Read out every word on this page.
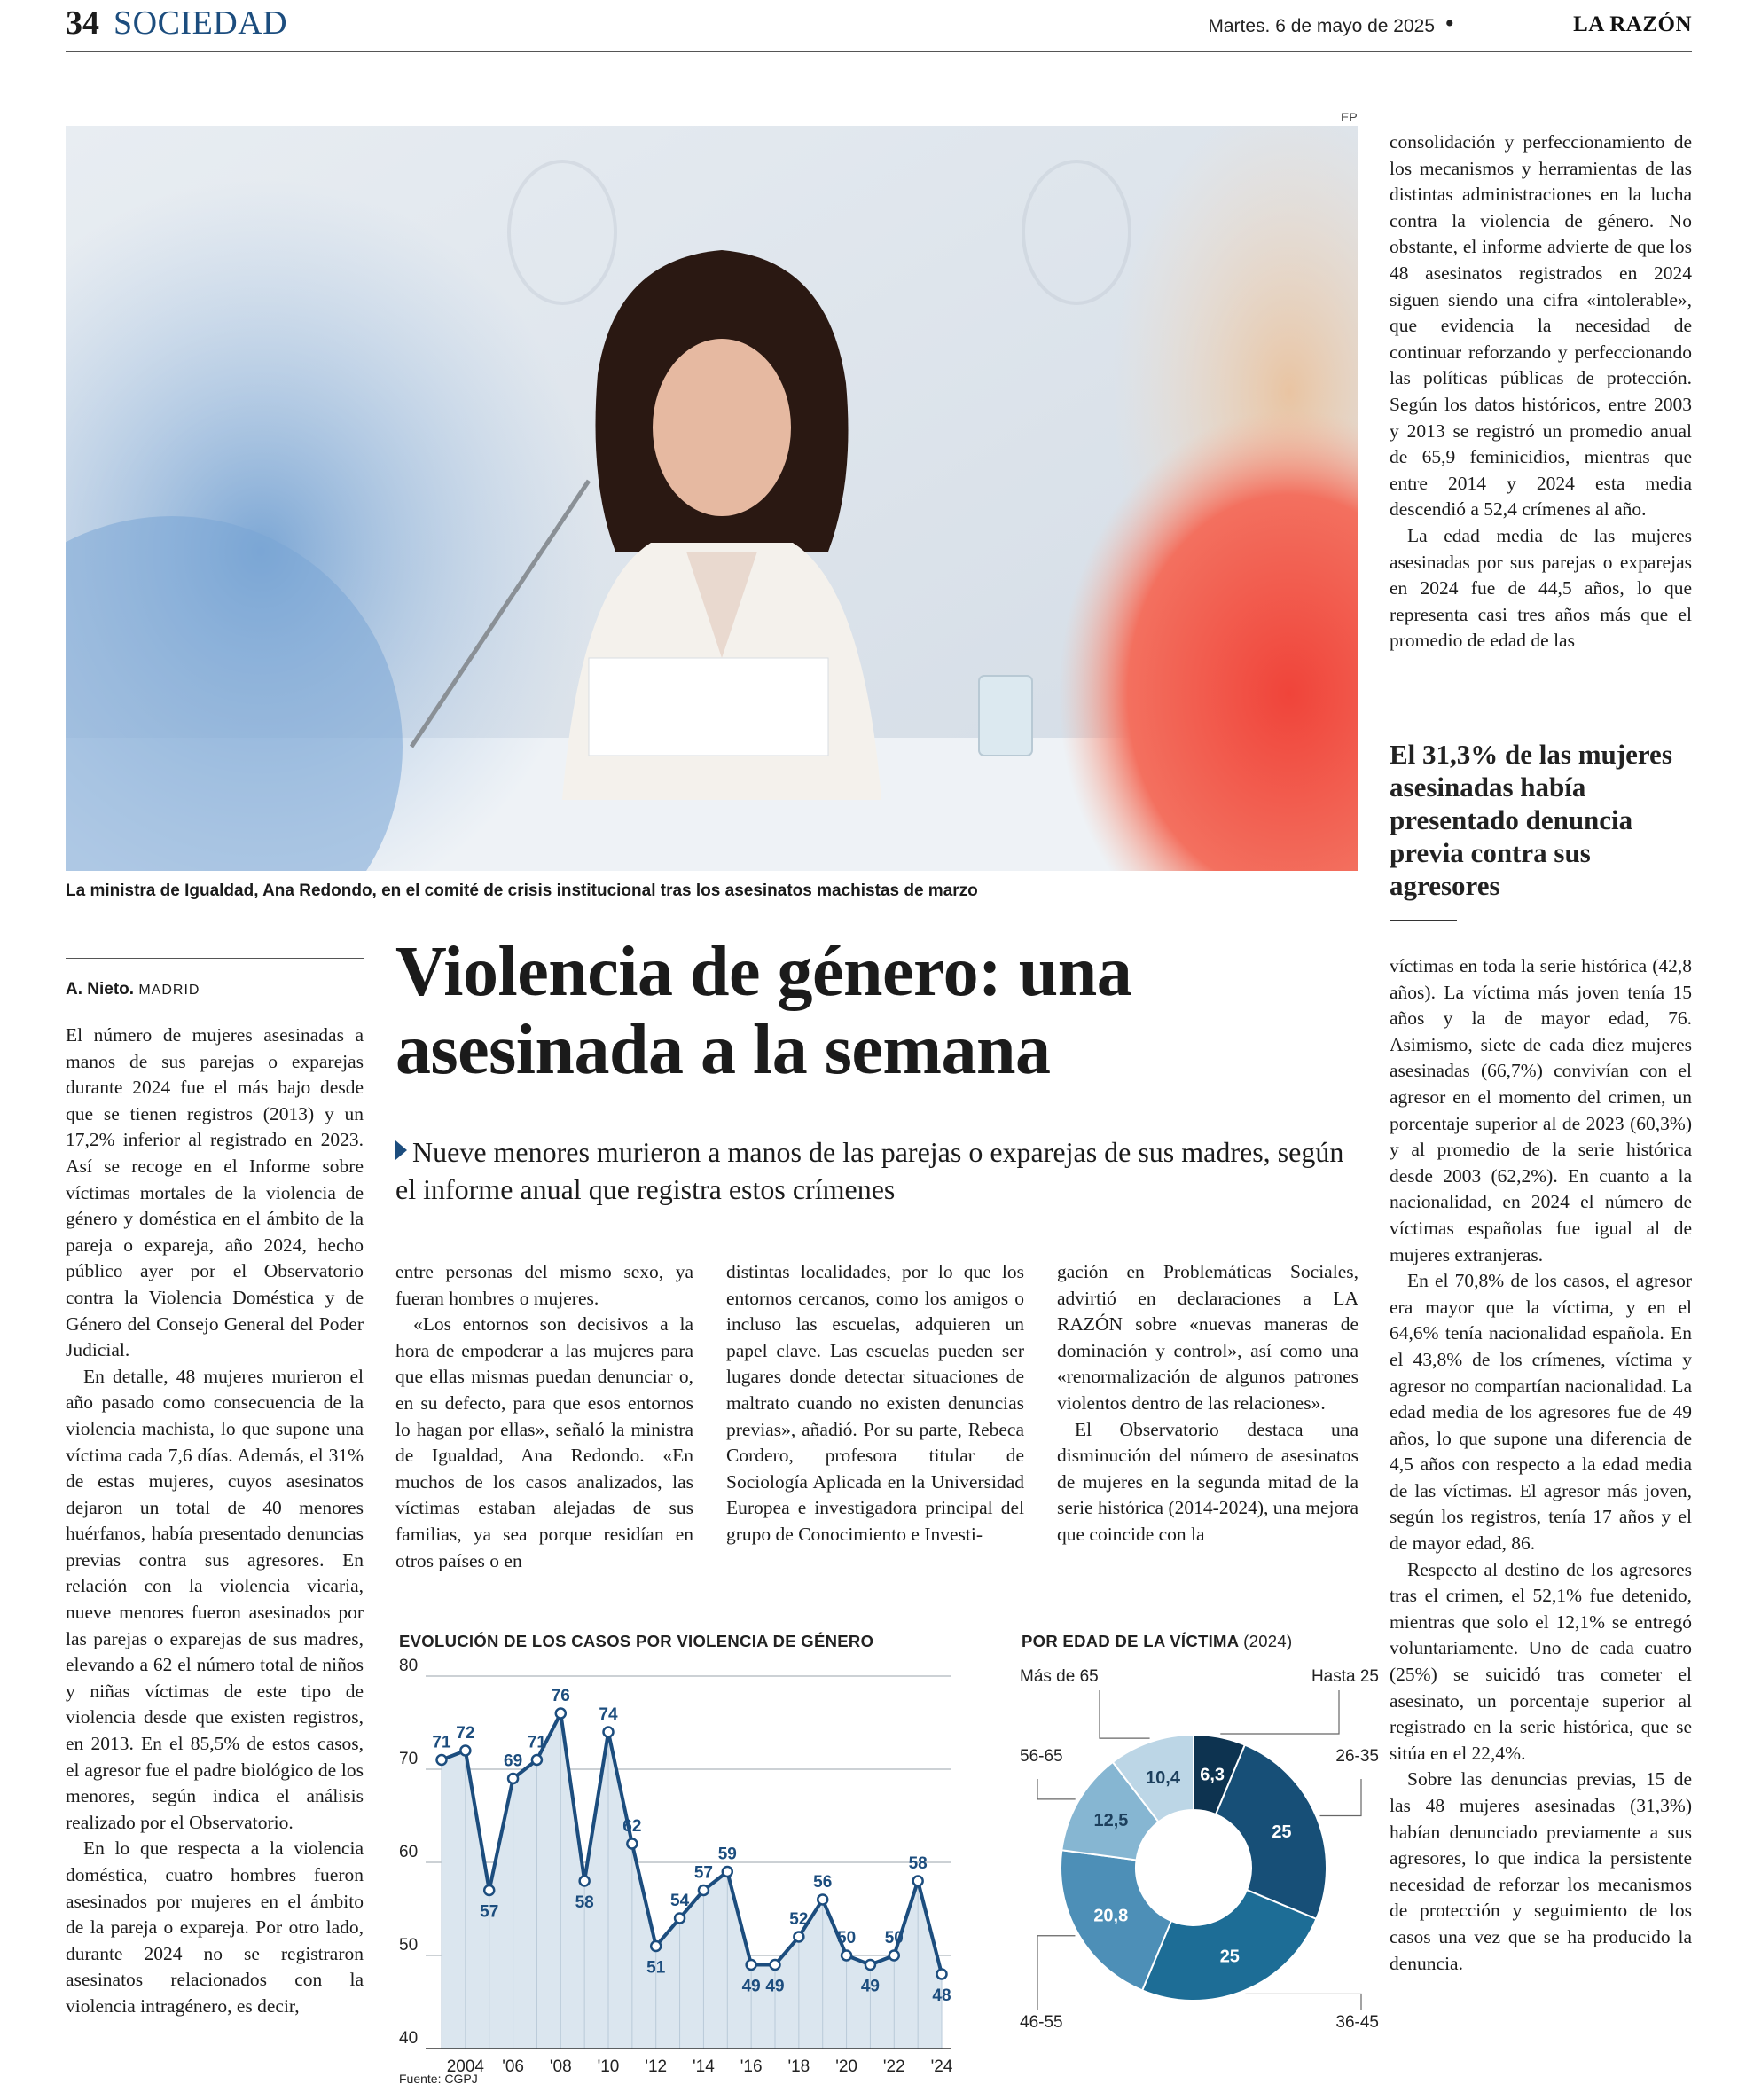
34 SOCIEDAD	Martes. 6 de mayo de 2025 •	LA RAZÓN
EP
La ministra de Igualdad, Ana Redondo, en el comité de crisis institucional tras los asesinatos machistas de marzo

consolidación y perfeccionamiento de los mecanismos y herramientas de las distintas administraciones en la lucha contra la violencia de género. No obstante, el informe advierte de que los 48 asesinatos registrados en 2024 siguen siendo una cifra «intolerable», que evidencia la necesidad de continuar reforzando y perfeccionando las políticas públicas de protección. Según los datos históricos, entre 2003 y 2013 se registró un promedio anual de 65,9 feminicidios, mientras que entre 2014 y 2024 esta media descendió a 52,4 crímenes al año.

La edad media de las mujeres asesinadas por sus parejas o exparejas en 2024 fue de 44,5 años, lo que representa casi tres años más que el promedio de edad de las

El 31,3% de las mujeres asesinadas había presentado denuncia previa contra sus agresores

víctimas en toda la serie histórica (42,8 años). La víctima más joven tenía 15 años y la de mayor edad, 76. Asimismo, siete de cada diez mujeres asesinadas (66,7%) convivían con el agresor en el momento del crimen, un porcentaje superior al de 2023 (60,3%) y al promedio de la serie histórica desde 2003 (62,2%). En cuanto a la nacionalidad, en 2024 el número de víctimas españolas fue igual al de mujeres extranjeras.

En el 70,8% de los casos, el agresor era mayor que la víctima, y en el 64,6% tenía nacionalidad española. En el 43,8% de los crímenes, víctima y agresor no compartían nacionalidad. La edad media de los agresores fue de 49 años, lo que supone una diferencia de 4,5 años con respecto a la edad media de las víctimas. El agresor más joven, según los registros, tenía 17 años y el de mayor edad, 86.

Respecto al destino de los agresores tras el crimen, el 52,1% fue detenido, mientras que solo el 12,1% se entregó voluntariamente. Uno de cada cuatro (25%) se suicidó tras cometer el asesinato, un porcentaje superior al registrado en la serie histórica, que se sitúa en el 22,4%.

Sobre las denuncias previas, 15 de las 48 mujeres asesinadas (31,3%) habían denunciado previamente a sus agresores, lo que indica la persistente necesidad de reforzar los mecanismos de protección y seguimiento de los casos una vez que se ha producido la denuncia.

A. Nieto. MADRID	Violencia de género: una asesinada a la semana
Nueve menores murieron a manos de las parejas o exparejas de sus madres, según el informe anual que registra estos crímenes

El número de mujeres asesinadas a manos de sus parejas o exparejas durante 2024 fue el más bajo desde que se tienen registros (2013) y un 17,2% inferior al registrado en 2023. Así se recoge en el Informe sobre víctimas mortales de la violencia de género y doméstica en el ámbito de la pareja o expareja, año 2024, hecho público ayer por el Observatorio contra la Violencia Doméstica y de Género del Consejo General del Poder Judicial.

En detalle, 48 mujeres murieron el año pasado como consecuencia de la violencia machista, lo que supone una víctima cada 7,6 días. Además, el 31% de estas mujeres, cuyos asesinatos dejaron un total de 40 menores huérfanos, había presentado denuncias previas contra sus agresores. En relación con la violencia vicaria, nueve menores fueron asesinados por las parejas o exparejas de sus madres, elevando a 62 el número total de niños y niñas víctimas de este tipo de violencia desde que existen registros, en 2013. En el 85,5% de estos casos, el agresor fue el padre biológico de los menores, según indica el análisis realizado por el Observatorio.

En lo que respecta a la violencia doméstica, cuatro hombres fueron asesinados por mujeres en el ámbito de la pareja o expareja. Por otro lado, durante 2024 no se registraron asesinatos relacionados con la violencia intragénero, es decir,

entre personas del mismo sexo, ya fueran hombres o mujeres.

«Los entornos son decisivos a la hora de empoderar a las mujeres para que ellas mismas puedan denunciar o, en su defecto, para que esos entornos lo hagan por ellas», señaló la ministra de Igualdad, Ana Redondo. «En muchos de los casos analizados, las víctimas estaban alejadas de sus familias, ya sea porque residían en otros países o en

distintas localidades, por lo que los entornos cercanos, como los amigos o incluso las escuelas, adquieren un papel clave. Las escuelas pueden ser lugares donde detectar situaciones de maltrato cuando no existen denuncias previas», añadió. Por su parte, Rebeca Cordero, profesora titular de Sociología Aplicada en la Universidad Europea e investigadora principal del grupo de Conocimiento e Investi-

gación en Problemáticas Sociales, advirtió en declaraciones a LA RAZÓN sobre «nuevas maneras de dominación y control», así como una «renormalización de algunos patrones violentos dentro de las relaciones».

El Observatorio destaca una disminución del número de asesinatos de mujeres en la segunda mitad de la serie histórica (2014-2024), una mejora que coincide con la

EVOLUCIÓN DE LOS CASOS POR VIOLENCIA DE GÉNERO
40
50
60
70
80
71 72
57
69
71
76
58
74
62
51
54
57
59
49 49
52
56
50
49
50
58
48
2004 '06 '08 '10 '12 '14 '16 '18 '20 '22 '24
Fuente: CGPJ
POR EDAD DE LA VÍCTIMA (2024)
6,3
Hasta 25
25
26-35
25
36-45
20,8
46-55
12,5
56-65
10,4
Más de 65
